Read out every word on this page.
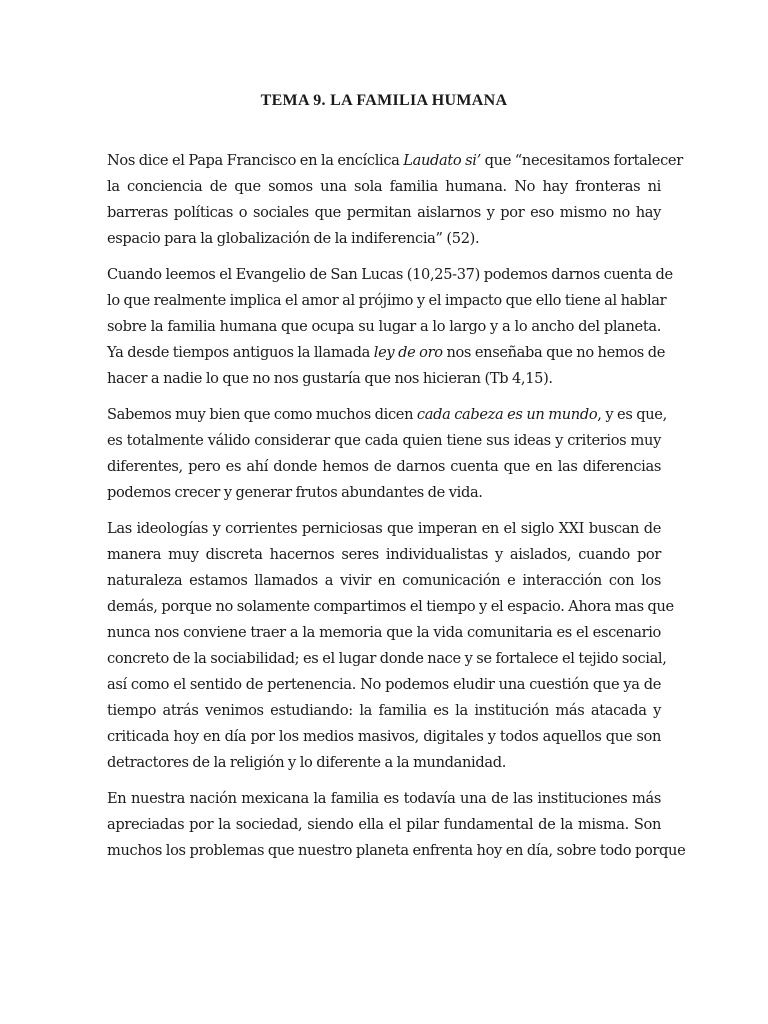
TEMA 9. LA FAMILIA HUMANA

Nos dice el Papa Francisco en la encíclica Laudato si’ que “necesitamos fortalecer
la conciencia de que somos una sola familia humana. No hay fronteras ni
barreras políticas o sociales que permitan aislarnos y por eso mismo no hay
espacio para la globalización de la indiferencia” (52).

Cuando leemos el Evangelio de San Lucas (10,25-37) podemos darnos cuenta de
lo que realmente implica el amor al prójimo y el impacto que ello tiene al hablar
sobre la familia humana que ocupa su lugar a lo largo y a lo ancho del planeta.
Ya desde tiempos antiguos la llamada ley de oro nos enseñaba que no hemos de
hacer a nadie lo que no nos gustaría que nos hicieran (Tb 4,15).

Sabemos muy bien que como muchos dicen cada cabeza es un mundo, y es que,
es totalmente válido considerar que cada quien tiene sus ideas y criterios muy
diferentes, pero es ahí donde hemos de darnos cuenta que en las diferencias
podemos crecer y generar frutos abundantes de vida.

Las ideologías y corrientes perniciosas que imperan en el siglo XXI buscan de
manera muy discreta hacernos seres individualistas y aislados, cuando por
naturaleza estamos llamados a vivir en comunicación e interacción con los
demás, porque no solamente compartimos el tiempo y el espacio. Ahora mas que
nunca nos conviene traer a la memoria que la vida comunitaria es el escenario
concreto de la sociabilidad; es el lugar donde nace y se fortalece el tejido social,
así como el sentido de pertenencia. No podemos eludir una cuestión que ya de
tiempo atrás venimos estudiando: la familia es la institución más atacada y
criticada hoy en día por los medios masivos, digitales y todos aquellos que son
detractores de la religión y lo diferente a la mundanidad.

En nuestra nación mexicana la familia es todavía una de las instituciones más
apreciadas por la sociedad, siendo ella el pilar fundamental de la misma. Son
muchos los problemas que nuestro planeta enfrenta hoy en día, sobre todo porque
